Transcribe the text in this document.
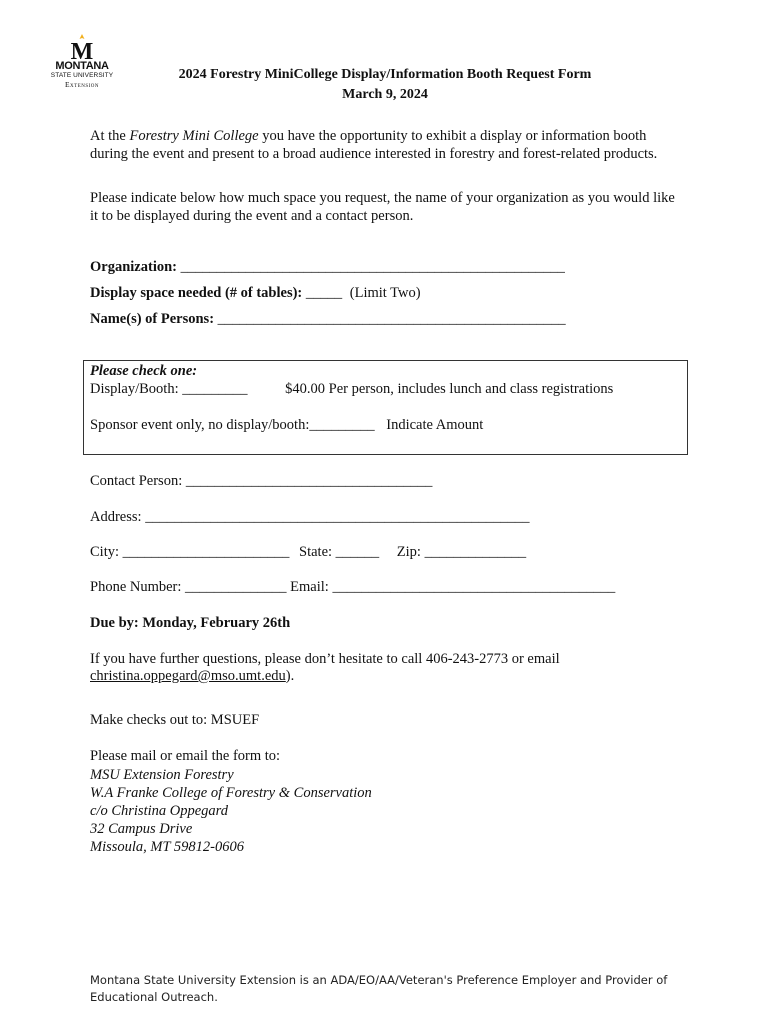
M
MONTANA
STATE UNIVERSITY
Extension
2024 Forestry MiniCollege Display/Information Booth Request Form
March 9, 2024
At the Forestry Mini College you have the opportunity to exhibit a display or information booth during the event and present to a broad audience interested in forestry and forest-related products.
Please indicate below how much space you request, the name of your organization as you would like it to be displayed during the event and a contact person.
Organization: _____________________________________________________
Display space needed (# of tables): _____ (Limit Two)
Name(s) of Persons: ________________________________________________
Please check one:
Display/Booth: _________	$40.00 Per person, includes lunch and class registrations
Sponsor event only, no display/booth:_________ Indicate Amount
Contact Person: __________________________________
Address: _____________________________________________________
City: _______________________ State: ______ Zip: ______________
Phone Number: ______________ Email: _______________________________________
Due by: Monday, February 26th
If you have further questions, please don’t hesitate to call 406-243-2773 or email
christina.oppegard@mso.umt.edu).
Make checks out to: MSUEF
Please mail or email the form to:
MSU Extension Forestry
W.A Franke College of Forestry & Conservation
c/o Christina Oppegard
32 Campus Drive
Missoula, MT 59812-0606
Montana State University Extension is an ADA/EO/AA/Veteran's Preference Employer and Provider of
Educational Outreach.
